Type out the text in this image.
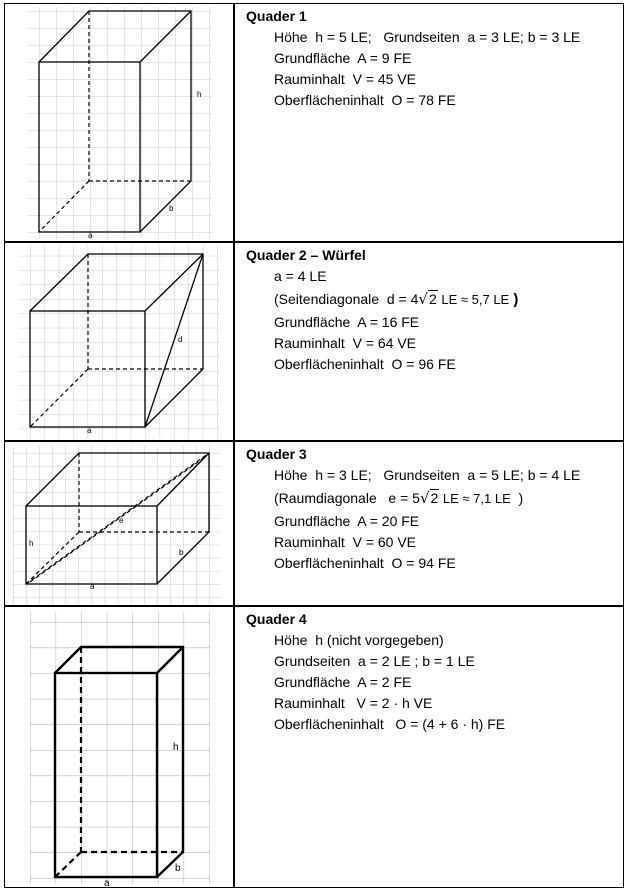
h
b
a
d
a
h
b
e
a
h
b
a
Quader 1
Höhe  h = 5 LE;   Grundseiten  a = 3 LE; b = 3 LE
Grundfläche  A = 9 FE
Rauminhalt  V = 45 VE
Oberflächeninhalt  O = 78 FE
Quader 2 – Würfel
a = 4 LE
(Seitendiagonale  d = 4√2 LE ≈ 5,7 LE )
Grundfläche  A = 16 FE
Rauminhalt  V = 64 VE
Oberflächeninhalt  O = 96 FE
Quader 3
Höhe  h = 3 LE;   Grundseiten  a = 5 LE; b = 4 LE
(Raumdiagonale   e = 5√2 LE ≈ 7,1 LE  )
Grundfläche  A = 20 FE
Rauminhalt  V = 60 VE
Oberflächeninhalt  O = 94 FE
Quader 4
Höhe  h (nicht vorgegeben)
Grundseiten  a = 2 LE ; b = 1 LE
Grundfläche  A = 2 FE
Rauminhalt   V = 2 · h VE
Oberflächeninhalt   O = (4 + 6 · h) FE
